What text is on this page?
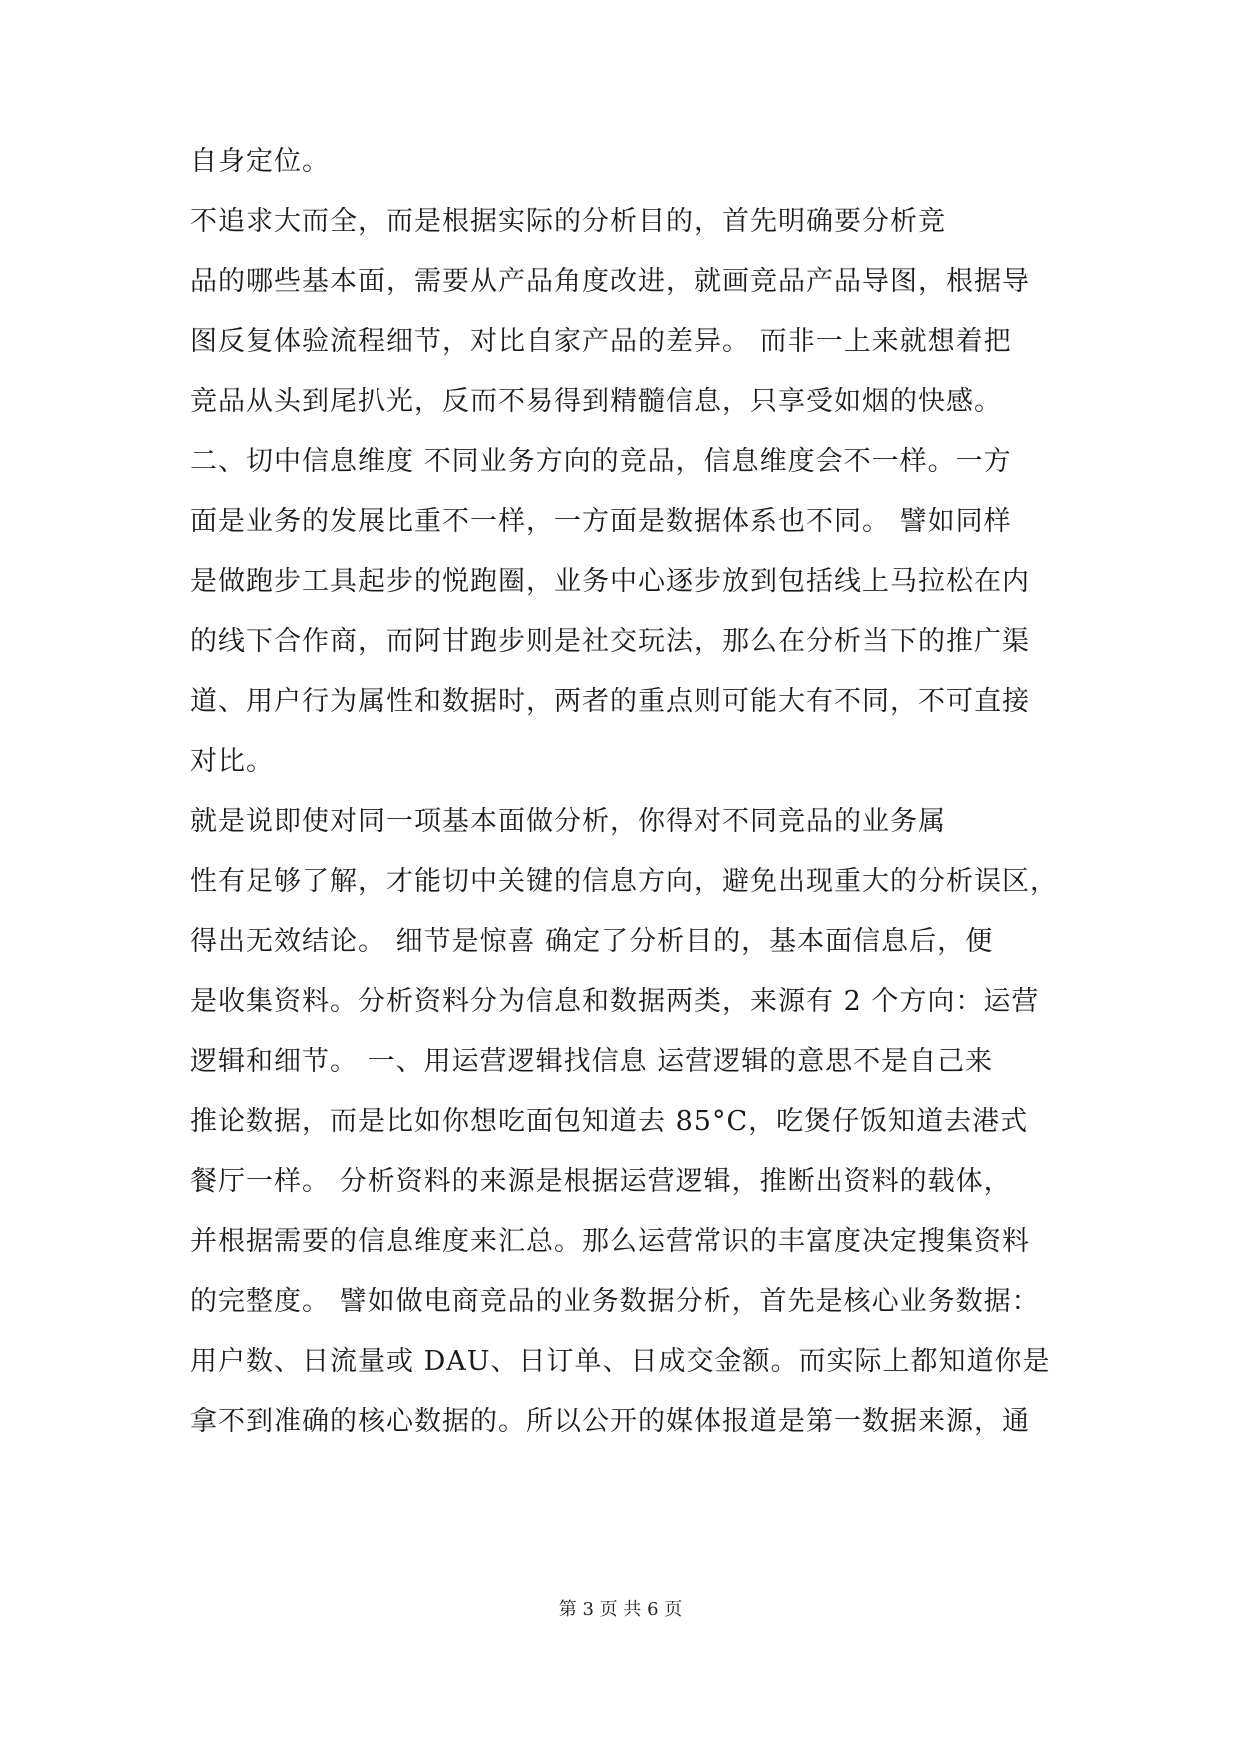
自身定位。
不追求大而全，而是根据实际的分析目的，首先明确要分析竞
品的哪些基本面，需要从产品角度改进，就画竞品产品导图，根据导
图反复体验流程细节，对比自家产品的差异。 而非一上来就想着把
竞品从头到尾扒光，反而不易得到精髓信息，只享受如烟的快感。
二、切中信息维度 不同业务方向的竞品，信息维度会不一样。一方
面是业务的发展比重不一样，一方面是数据体系也不同。 譬如同样
是做跑步工具起步的悦跑圈，业务中心逐步放到包括线上马拉松在内
的线下合作商，而阿甘跑步则是社交玩法，那么在分析当下的推广渠
道、用户行为属性和数据时，两者的重点则可能大有不同，不可直接
对比。
就是说即使对同一项基本面做分析，你得对不同竞品的业务属
性有足够了解，才能切中关键的信息方向，避免出现重大的分析误区，
得出无效结论。 细节是惊喜 确定了分析目的，基本面信息后，便
是收集资料。分析资料分为信息和数据两类，来源有 2 个方向：运营
逻辑和细节。 一、用运营逻辑找信息 运营逻辑的意思不是自己来
推论数据，而是比如你想吃面包知道去 85°C，吃煲仔饭知道去港式
餐厅一样。 分析资料的来源是根据运营逻辑，推断出资料的载体，
并根据需要的信息维度来汇总。那么运营常识的丰富度决定搜集资料
的完整度。 譬如做电商竞品的业务数据分析，首先是核心业务数据：
用户数、日流量或 DAU、日订单、日成交金额。而实际上都知道你是
拿不到准确的核心数据的。所以公开的媒体报道是第一数据来源，通
第 3 页 共 6 页
